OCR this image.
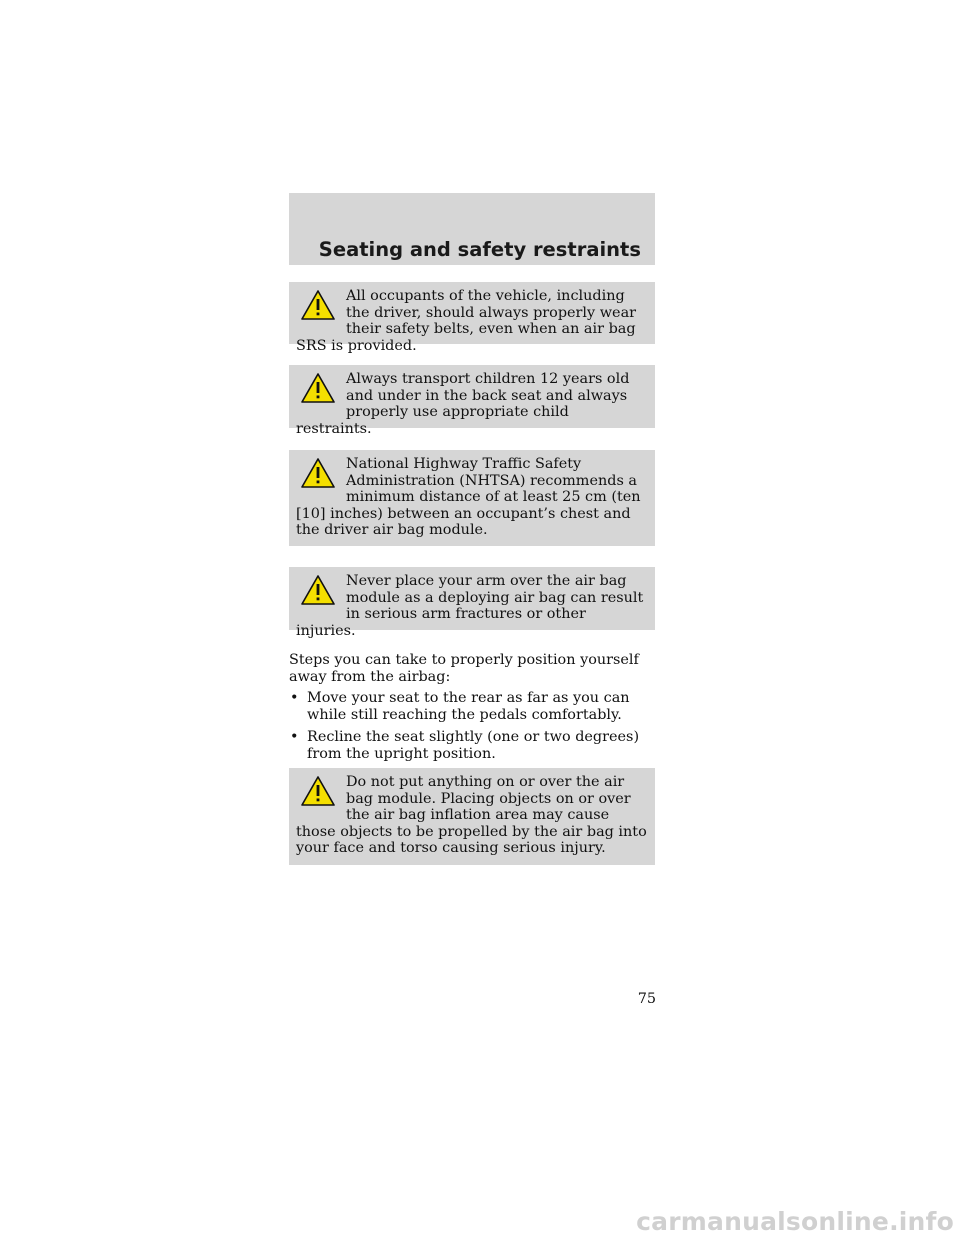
Seating and safety restraints
All occupants of the vehicle, including the driver, should always properly wear their safety belts, even when an air bag SRS is provided.
Always transport children 12 years old and under in the back seat and always properly use appropriate child restraints.
National Highway Traffic Safety Administration (NHTSA) recommends a minimum distance of at least 25 cm (ten [10] inches) between an occupant’s chest and the driver air bag module.
Never place your arm over the air bag module as a deploying air bag can result in serious arm fractures or other injuries.
Steps you can take to properly position yourself away from the airbag:
• Move your seat to the rear as far as you can while still reaching the pedals comfortably.
• Recline the seat slightly (one or two degrees) from the upright position.
Do not put anything on or over the air bag module. Placing objects on or over the air bag inflation area may cause those objects to be propelled by the air bag into your face and torso causing serious injury.
75
carmanualsonline.info
